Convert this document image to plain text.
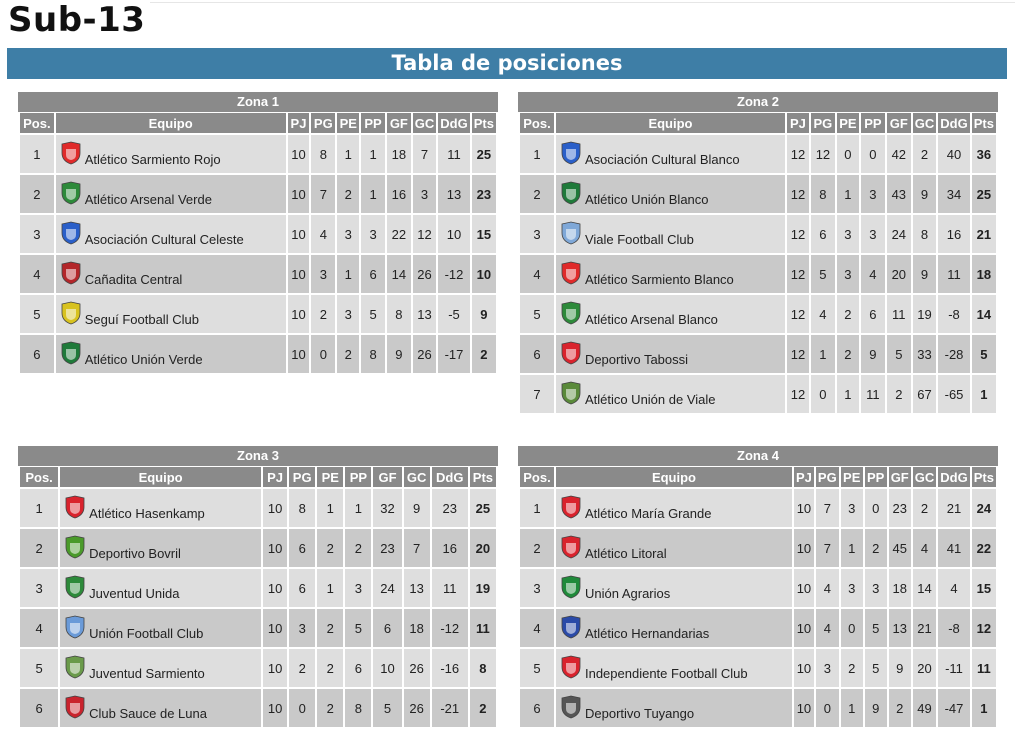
Sub-13
Tabla de posiciones
Zona 1
Pos.	Equipo	PJ	PG	PE	PP	GF	GC	DdG	Pts
1	Atlético Sarmiento Rojo	10	8	1	1	18	7	11	25
2	Atlético Arsenal Verde	10	7	2	1	16	3	13	23
3	Asociación Cultural Celeste	10	4	3	3	22	12	10	15
4	Cañadita Central	10	3	1	6	14	26	-12	10
5	Seguí Football Club	10	2	3	5	8	13	-5	9
6	Atlético Unión Verde	10	0	2	8	9	26	-17	2
Zona 2
Pos.	Equipo	PJ	PG	PE	PP	GF	GC	DdG	Pts
1	Asociación Cultural Blanco	12	12	0	0	42	2	40	36
2	Atlético Unión Blanco	12	8	1	3	43	9	34	25
3	Viale Football Club	12	6	3	3	24	8	16	21
4	Atlético Sarmiento Blanco	12	5	3	4	20	9	11	18
5	Atlético Arsenal Blanco	12	4	2	6	11	19	-8	14
6	Deportivo Tabossi	12	1	2	9	5	33	-28	5
7	Atlético Unión de Viale	12	0	1	11	2	67	-65	1
Zona 3
Pos.	Equipo	PJ	PG	PE	PP	GF	GC	DdG	Pts
1	Atlético Hasenkamp	10	8	1	1	32	9	23	25
2	Deportivo Bovril	10	6	2	2	23	7	16	20
3	Juventud Unida	10	6	1	3	24	13	11	19
4	Unión Football Club	10	3	2	5	6	18	-12	11
5	Juventud Sarmiento	10	2	2	6	10	26	-16	8
6	Club Sauce de Luna	10	0	2	8	5	26	-21	2
Zona 4
Pos.	Equipo	PJ	PG	PE	PP	GF	GC	DdG	Pts
1	Atlético María Grande	10	7	3	0	23	2	21	24
2	Atlético Litoral	10	7	1	2	45	4	41	22
3	Unión Agrarios	10	4	3	3	18	14	4	15
4	Atlético Hernandarias	10	4	0	5	13	21	-8	12
5	Independiente Football Club	10	3	2	5	9	20	-11	11
6	Deportivo Tuyango	10	0	1	9	2	49	-47	1
